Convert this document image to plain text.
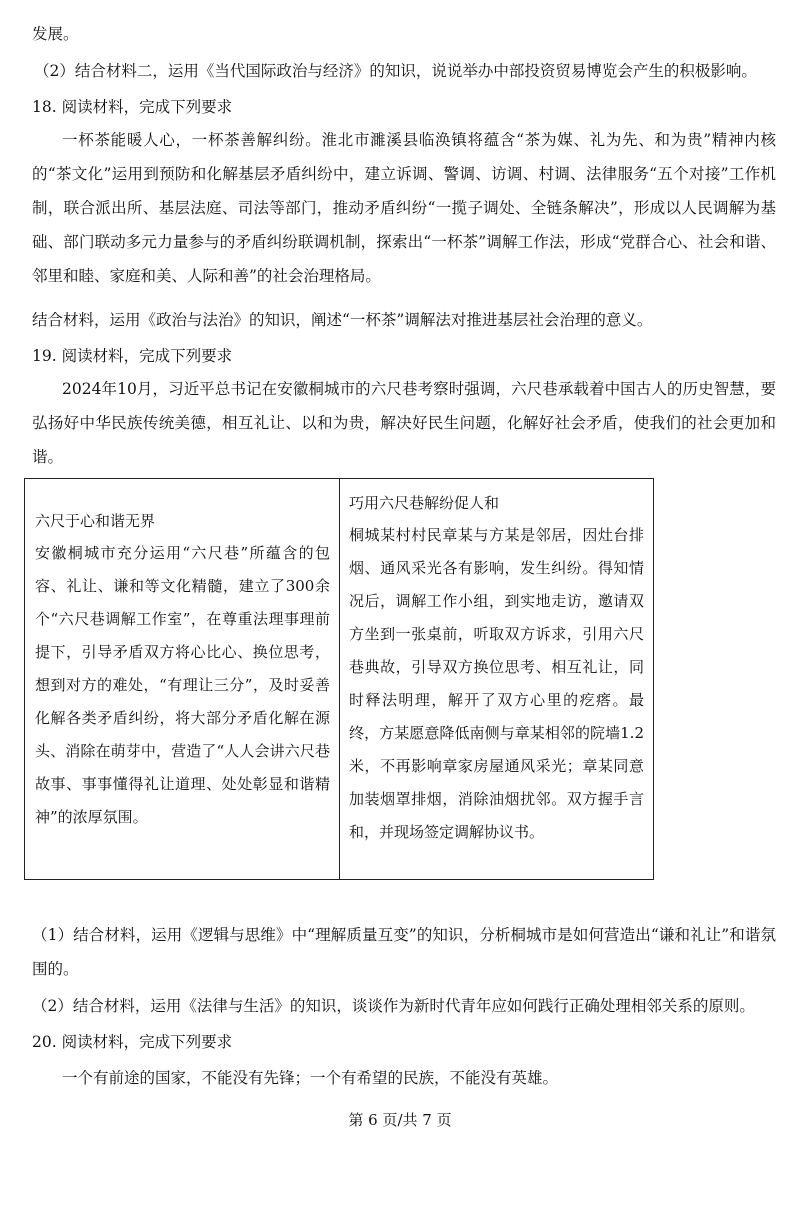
发展。
（2）结合材料二，运用《当代国际政治与经济》的知识，说说举办中部投资贸易博览会产生的积极影响。
18. 阅读材料，完成下列要求
一杯茶能暖人心，一杯茶善解纠纷。淮北市濉溪县临涣镇将蕴含“茶为媒、礼为先、和为贵”精神内核的“茶文化”运用到预防和化解基层矛盾纠纷中，建立诉调、警调、访调、村调、法律服务“五个对接”工作机制，联合派出所、基层法庭、司法等部门，推动矛盾纠纷“一揽子调处、全链条解决”，形成以人民调解为基础、部门联动多元力量参与的矛盾纠纷联调机制，探索出“一杯茶”调解工作法，形成“党群合心、社会和谐、邻里和睦、家庭和美、人际和善”的社会治理格局。
结合材料，运用《政治与法治》的知识，阐述“一杯茶”调解法对推进基层社会治理的意义。
19. 阅读材料，完成下列要求
2024年10月，习近平总书记在安徽桐城市的六尺巷考察时强调，六尺巷承载着中国古人的历史智慧，要弘扬好中华民族传统美德，相互礼让、以和为贵，解决好民生问题，化解好社会矛盾，使我们的社会更加和谐。
六尺于心和谐无界
安徽桐城市充分运用“六尺巷”所蕴含的包容、礼让、谦和等文化精髓，建立了300余个“六尺巷调解工作室”，在尊重法理事理前提下，引导矛盾双方将心比心、换位思考，想到对方的难处，“有理让三分”，及时妥善化解各类矛盾纠纷，将大部分矛盾化解在源头、消除在萌芽中，营造了“人人会讲六尺巷故事、事事懂得礼让道理、处处彰显和谐精神”的浓厚氛围。
巧用六尺巷解纷促人和
桐城某村村民章某与方某是邻居，因灶台排烟、通风采光各有影响，发生纠纷。得知情况后，调解工作小组，到实地走访，邀请双方坐到一张桌前，听取双方诉求，引用六尺巷典故，引导双方换位思考、相互礼让，同时释法明理，解开了双方心里的疙瘩。最终，方某愿意降低南侧与章某相邻的院墙1.2米，不再影响章家房屋通风采光；章某同意加装烟罩排烟，消除油烟扰邻。双方握手言和，并现场签定调解协议书。
（1）结合材料，运用《逻辑与思维》中“理解质量互变”的知识，分析桐城市是如何营造出“谦和礼让”和谐氛围的。
（2）结合材料，运用《法律与生活》的知识，谈谈作为新时代青年应如何践行正确处理相邻关系的原则。
20. 阅读材料，完成下列要求
一个有前途的国家，不能没有先锋；一个有希望的民族，不能没有英雄。
第 6 页/共 7 页
